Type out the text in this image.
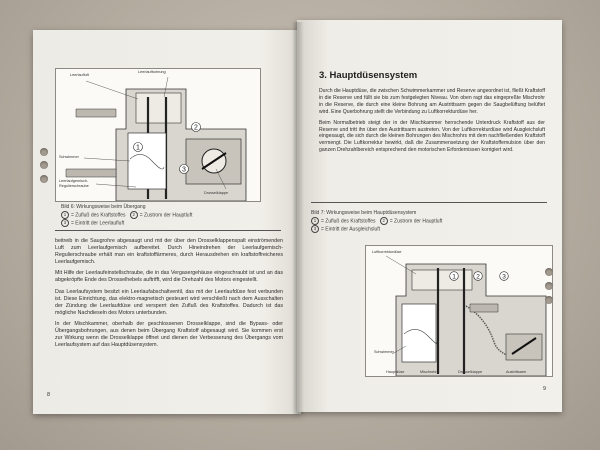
1
2
3
Leerlaufluft
Leerlaufbohrung
Schwimmer
Leerlaufgemisch-
Regulierschraube
Drosselklappe
Bild 6: Wirkungsweise beim Übergang
1 = Zufluß des Kraftstoffes 2 = Zustrom der Hauptluft
3 = Eintritt der Leerlaufluft

beitreib in die Saugrohre abgesaugt und mit der über den Drosselklappenspalt einströmenden Luft zum Leerlaufgemisch aufbereitet. Durch Hineindrehen der Leerlaufgemisch-Regulierschraube erhält man ein kraftstoffärmeres, durch Herausdrehen ein kraftstoffreicheres Leerlaufgemisch.

Mit Hilfe der Leerlaufeinstellschraube, die in das Vergasergehäuse eingeschraubt ist und an das abgekröpfte Ende des Drosselhebels auftrifft, wird die Drehzahl des Motors eingestellt.

Das Leerlaufsystem besitzt ein Leerlaufabschaltventil, das mit der Leerlaufdüse fest verbunden ist. Diese Einrichtung, das elektro-magnetisch gesteuert wird verschließt nach dem Ausschalten der Zündung die Leerlaufdüse und versperrt den Zufluß des Kraftstoffes. Dadurch ist das mögliche Nachdieseln des Motors unterbunden.

In der Mischkammer, oberhalb der geschlossenen Drosselklappe, sind die Bypass- oder Übergangsbohrungen, aus denen beim Übergang Kraftstoff abgesaugt wird. Sie kommen erst zur Wirkung wenn die Drosselklappe öffnet und dienen der Verbesserung des Übergangs vom Leerlaufsystem auf das Hauptdüsensystem.

8
3. Hauptdüsensystem

Durch die Hauptdüse, die zwischen Schwimmerkammer und Reserve angeordnet ist, fließt Kraftstoff in die Reserve und füllt sie bis zum festgelegten Niveau. Von oben ragt das eingepreßte Mischrohr in die Reserve, die durch eine kleine Bohrung am Austrittsarm gegen die Saugbelüftung belüftet wird. Eine Querbohrung stellt die Verbindung zu Luftkorrekturdüse her.

Beim Normalbetrieb steigt der in der Mischkammer herrschende Unterdruck Kraftstoff aus der Reserve und tritt ihn über den Austrittsarm austreten. Von der Luftkorrekturdüse wird Ausgleichsluft eingesaugt, die sich durch die kleinen Bohrungen des Mischrohrs mit dem nachfließenden Kraftstoff vermengt. Die Luftkorrektur bewirkt, daß die Zusammensetzung der Kraftstoffemulsion über den ganzen Drehzahlbereich entsprechend den motorischen Erfordernissen korrigiert wird.

Bild 7: Wirkungsweise beim Hauptdüsensystem
1 = Zufluß des Kraftstoffes 2 = Zustrom der Hauptluft
3 = Eintritt der Ausgleichsluft
9
1	2	3
Luftkorrekturdüse
Schwimmer
Hauptdüse	Mischrohr	Drosselklappe	Austrittsarm
